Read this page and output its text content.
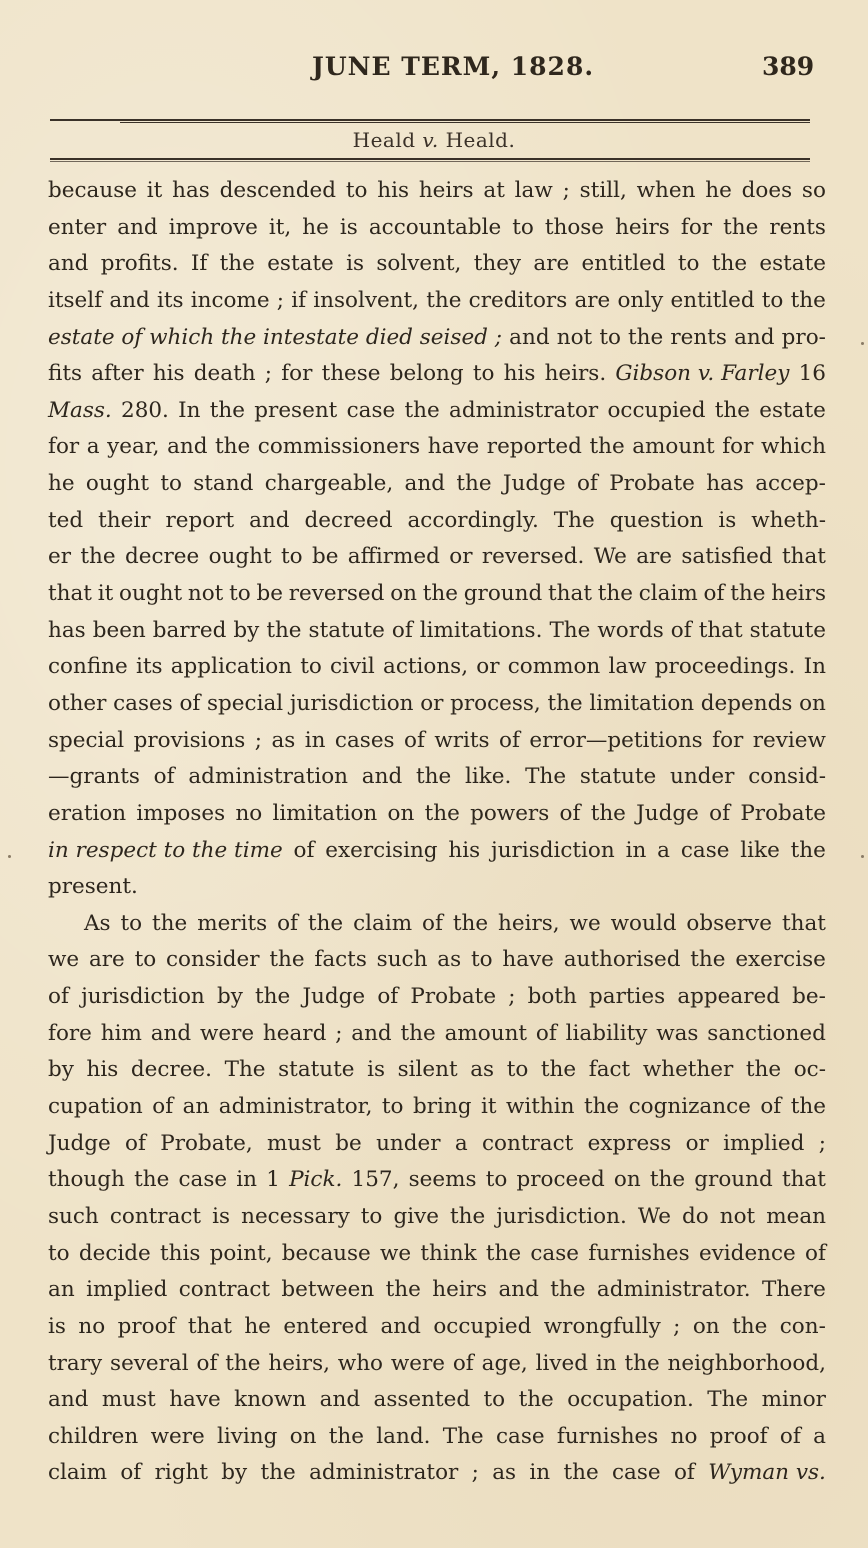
JUNE TERM, 1828.	389
Heald v. Heald.
because it has descended to his heirs at law ; still, when he does so
enter and improve it, he is accountable to those heirs for the rents
and profits. If the estate is solvent, they are entitled to the estate
itself and its income ; if insolvent, the creditors are only entitled to the
estate of which the intestate died seised ; and not to the rents and pro-
fits after his death ; for these belong to his heirs. Gibson v. Farley 16
Mass. 280. In the present case the administrator occupied the estate
for a year, and the commissioners have reported the amount for which
he ought to stand chargeable, and the Judge of Probate has accep-
ted their report and decreed accordingly. The question is wheth-
er the decree ought to be affirmed or reversed. We are satisfied that
that it ought not to be reversed on the ground that the claim of the heirs
has been barred by the statute of limitations. The words of that statute
confine its application to civil actions, or common law proceedings. In
other cases of special jurisdiction or process, the limitation depends on
special provisions ; as in cases of writs of error—petitions for review
—grants of administration and the like. The statute under consid-
eration imposes no limitation on the powers of the Judge of Probate
in respect to the time of exercising his jurisdiction in a case like the
present.
As to the merits of the claim of the heirs, we would observe that
we are to consider the facts such as to have authorised the exercise
of jurisdiction by the Judge of Probate ; both parties appeared be-
fore him and were heard ; and the amount of liability was sanctioned
by his decree. The statute is silent as to the fact whether the oc-
cupation of an administrator, to bring it within the cognizance of the
Judge of Probate, must be under a contract express or implied ;
though the case in 1 Pick. 157, seems to proceed on the ground that
such contract is necessary to give the jurisdiction. We do not mean
to decide this point, because we think the case furnishes evidence of
an implied contract between the heirs and the administrator. There
is no proof that he entered and occupied wrongfully ; on the con-
trary several of the heirs, who were of age, lived in the neighborhood,
and must have known and assented to the occupation. The minor
children were living on the land. The case furnishes no proof of a
claim of right by the administrator ; as in the case of Wyman vs.
